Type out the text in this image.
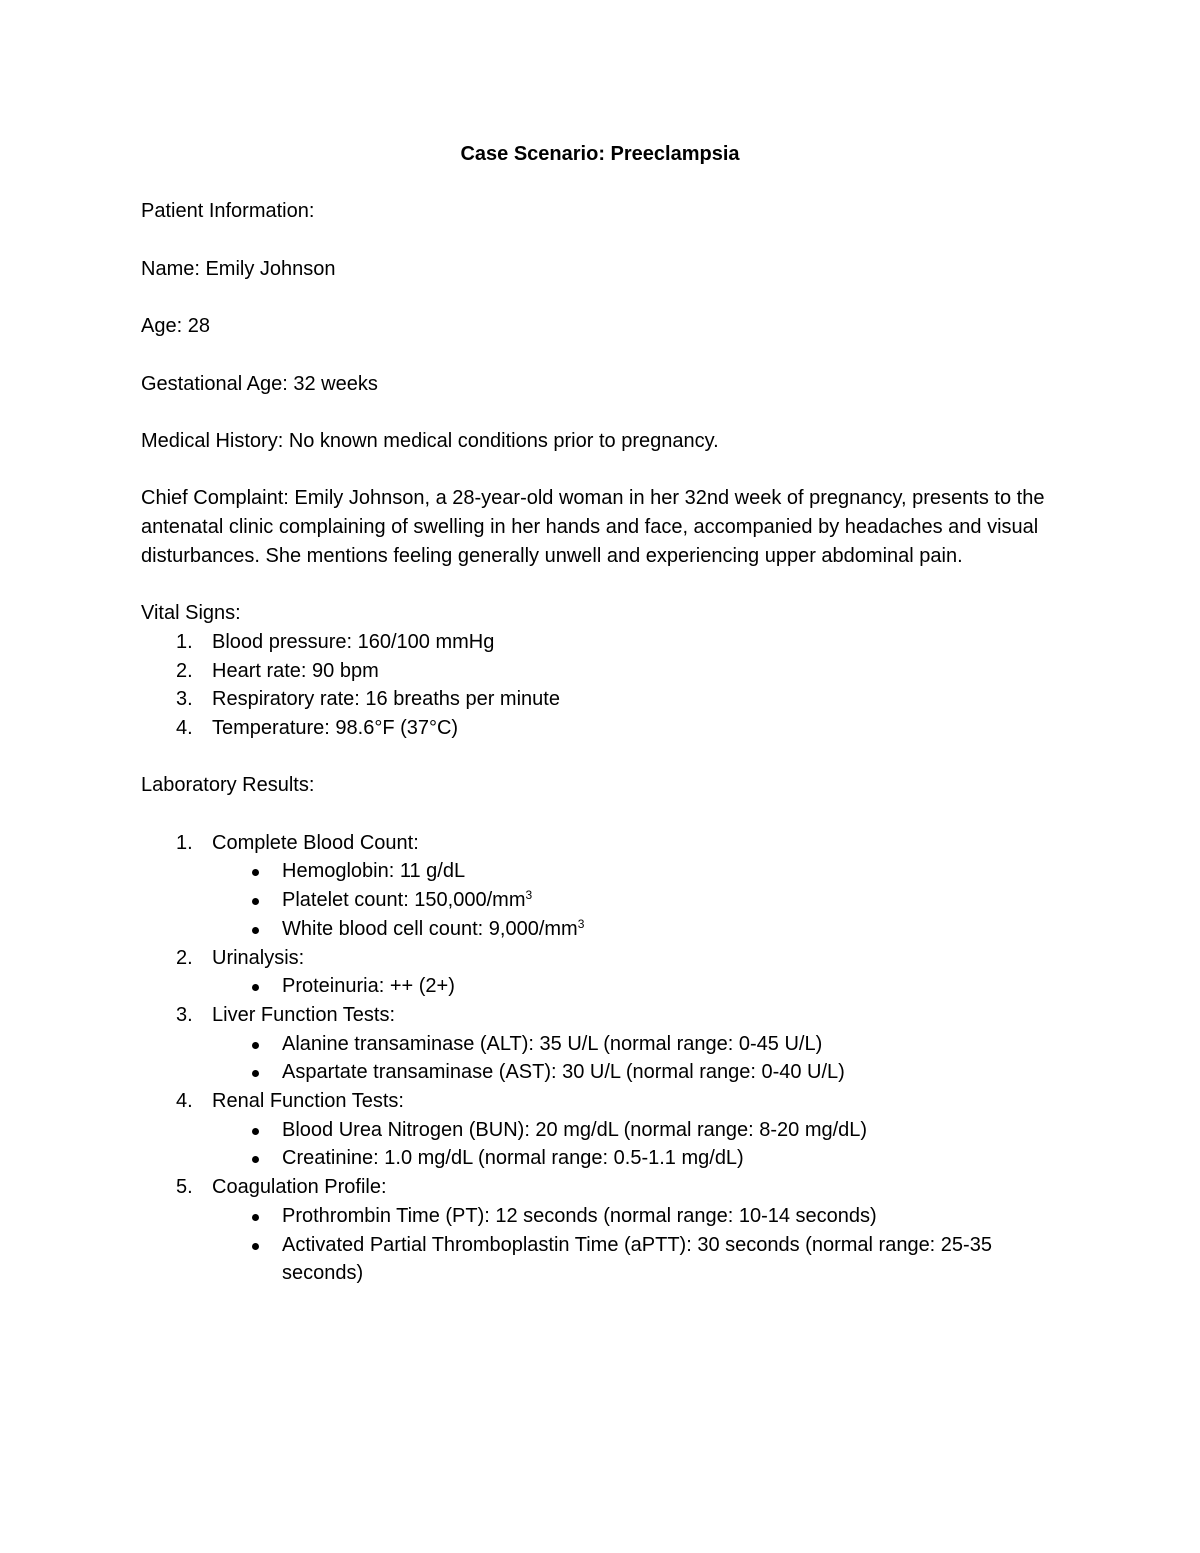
Case Scenario: Preeclampsia

Patient Information:

Name: Emily Johnson

Age: 28

Gestational Age: 32 weeks

Medical History: No known medical conditions prior to pregnancy.

Chief Complaint: Emily Johnson, a 28-year-old woman in her 32nd week of pregnancy, presents to the antenatal clinic complaining of swelling in her hands and face, accompanied by headaches and visual disturbances. She mentions feeling generally unwell and experiencing upper abdominal pain.

Vital Signs:

1. Blood pressure: 160/100 mmHg
2. Heart rate: 90 bpm
3. Respiratory rate: 16 breaths per minute
4. Temperature: 98.6°F (37°C)

Laboratory Results:

1. Complete Blood Count:
Hemoglobin: 11 g/dL
Platelet count: $150,000/mm^3$
White blood cell count: $9,000/mm^3$
2. Urinalysis:
Proteinuria: ++ (2+)
3. Liver Function Tests:
Alanine transaminase (ALT): 35 U/L (normal range: 0-45 U/L)
Aspartate transaminase (AST): 30 U/L (normal range: 0-40 U/L)
4. Renal Function Tests:
Blood Urea Nitrogen (BUN): 20 mg/dL (normal range: 8-20 mg/dL)
Creatinine: 1.0 mg/dL (normal range: 0.5-1.1 mg/dL)
5. Coagulation Profile:
Prothrombin Time (PT): 12 seconds (normal range: 10-14 seconds)
Activated Partial Thromboplastin Time (aPTT): 30 seconds (normal range: 25-35 seconds)
